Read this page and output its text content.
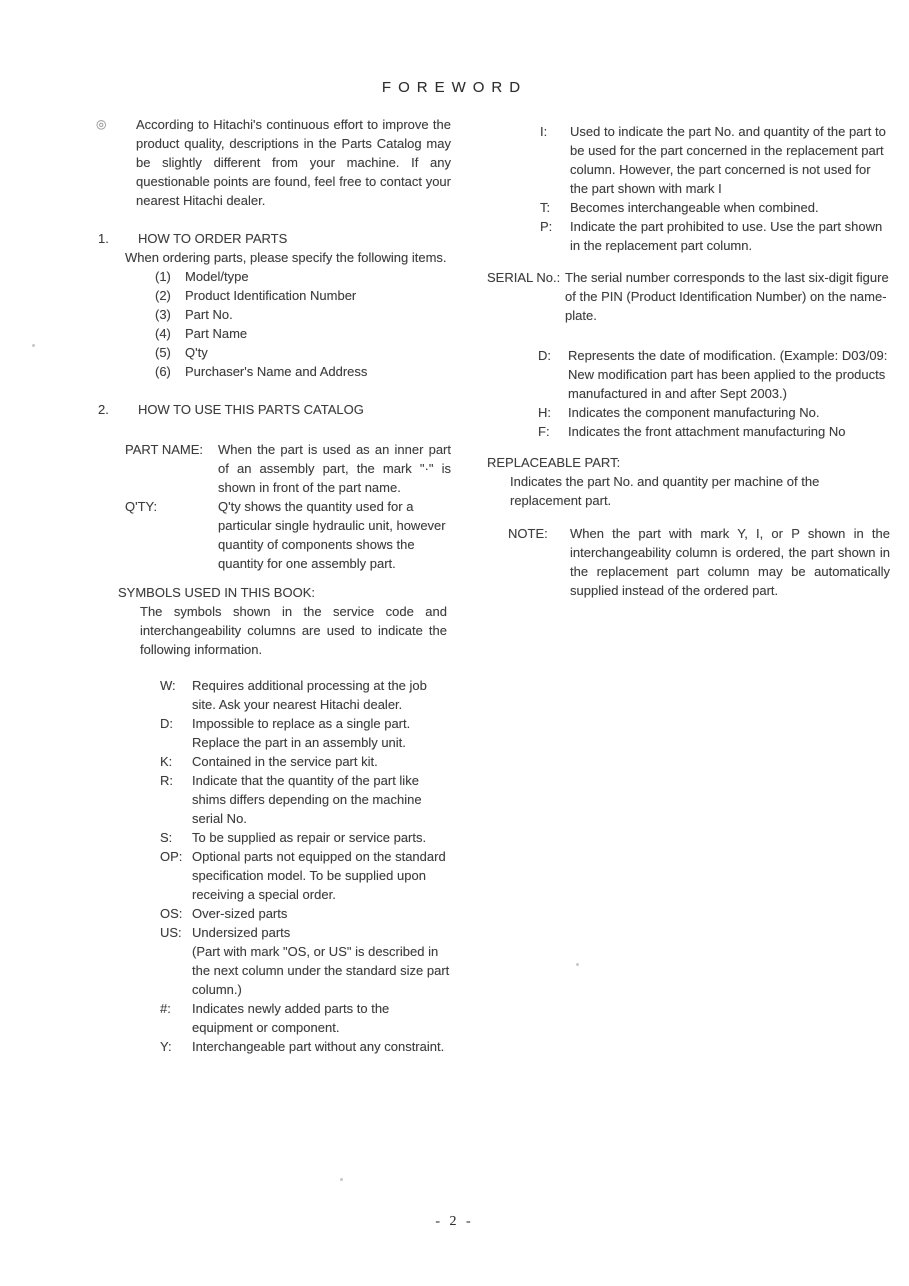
FOREWORD
◎	According to Hitachi's continuous effort to improve the product quality, descriptions in the Parts Catalog may be slightly different from your machine. If any questionable points are found, feel free to contact your nearest Hitachi dealer.
1.	HOW TO ORDER PARTS
When ordering parts, please specify the following items.
(1)	Model/type
(2)	Product Identification Number
(3)	Part No.
(4)	Part Name
(5)	Q'ty
(6)	Purchaser's Name and Address
2.	HOW TO USE THIS PARTS CATALOG
PART NAME:	When the part is used as an inner part of an assembly part, the mark "·" is shown in front of the part name.
Q'TY:	Q'ty shows the quantity used for a particular single hydraulic unit, however quantity of components shows the quantity for one assembly part.
SYMBOLS USED IN THIS BOOK:
The symbols shown in the service code and interchangeability columns are used to indicate the following information.
W:	Requires additional processing at the job site. Ask your nearest Hitachi dealer.
D:	Impossible to replace as a single part. Replace the part in an assembly unit.
K:	Contained in the service part kit.
R:	Indicate that the quantity of the part like shims differs depending on the machine serial No.
S:	To be supplied as repair or service parts.
OP: Optional parts not equipped on the standard specification model. To be supplied upon receiving a special order.
OS: Over-sized parts
US: Undersized parts
(Part with mark "OS, or US" is described in the next column under the standard size part column.)
#:	Indicates newly added parts to the equipment or component.
Y:	Interchangeable part without any constraint.
I:	Used to indicate the part No. and quantity of the part to be used for the part concerned in the replacement part column. However, the part concerned is not used for the part shown with mark I
T:	Becomes interchangeable when combined.
P:	Indicate the part prohibited to use. Use the part shown in the replacement part column.
SERIAL No.: The serial number corresponds to the last six-digit figure of the PIN (Product Identification Number) on the name-plate.
D:	Represents the date of modification. (Example: D03/09: New modification part has been applied to the products manufactured in and after Sept 2003.)
H:	Indicates the component manufacturing No.
F:	Indicates the front attachment manufacturing No
REPLACEABLE PART:
Indicates the part No. and quantity per machine of the replacement part.
NOTE:	When the part with mark Y, I, or P shown in the interchangeability column is ordered, the part shown in the replacement part column may be automatically supplied instead of the ordered part.
- 2 -
